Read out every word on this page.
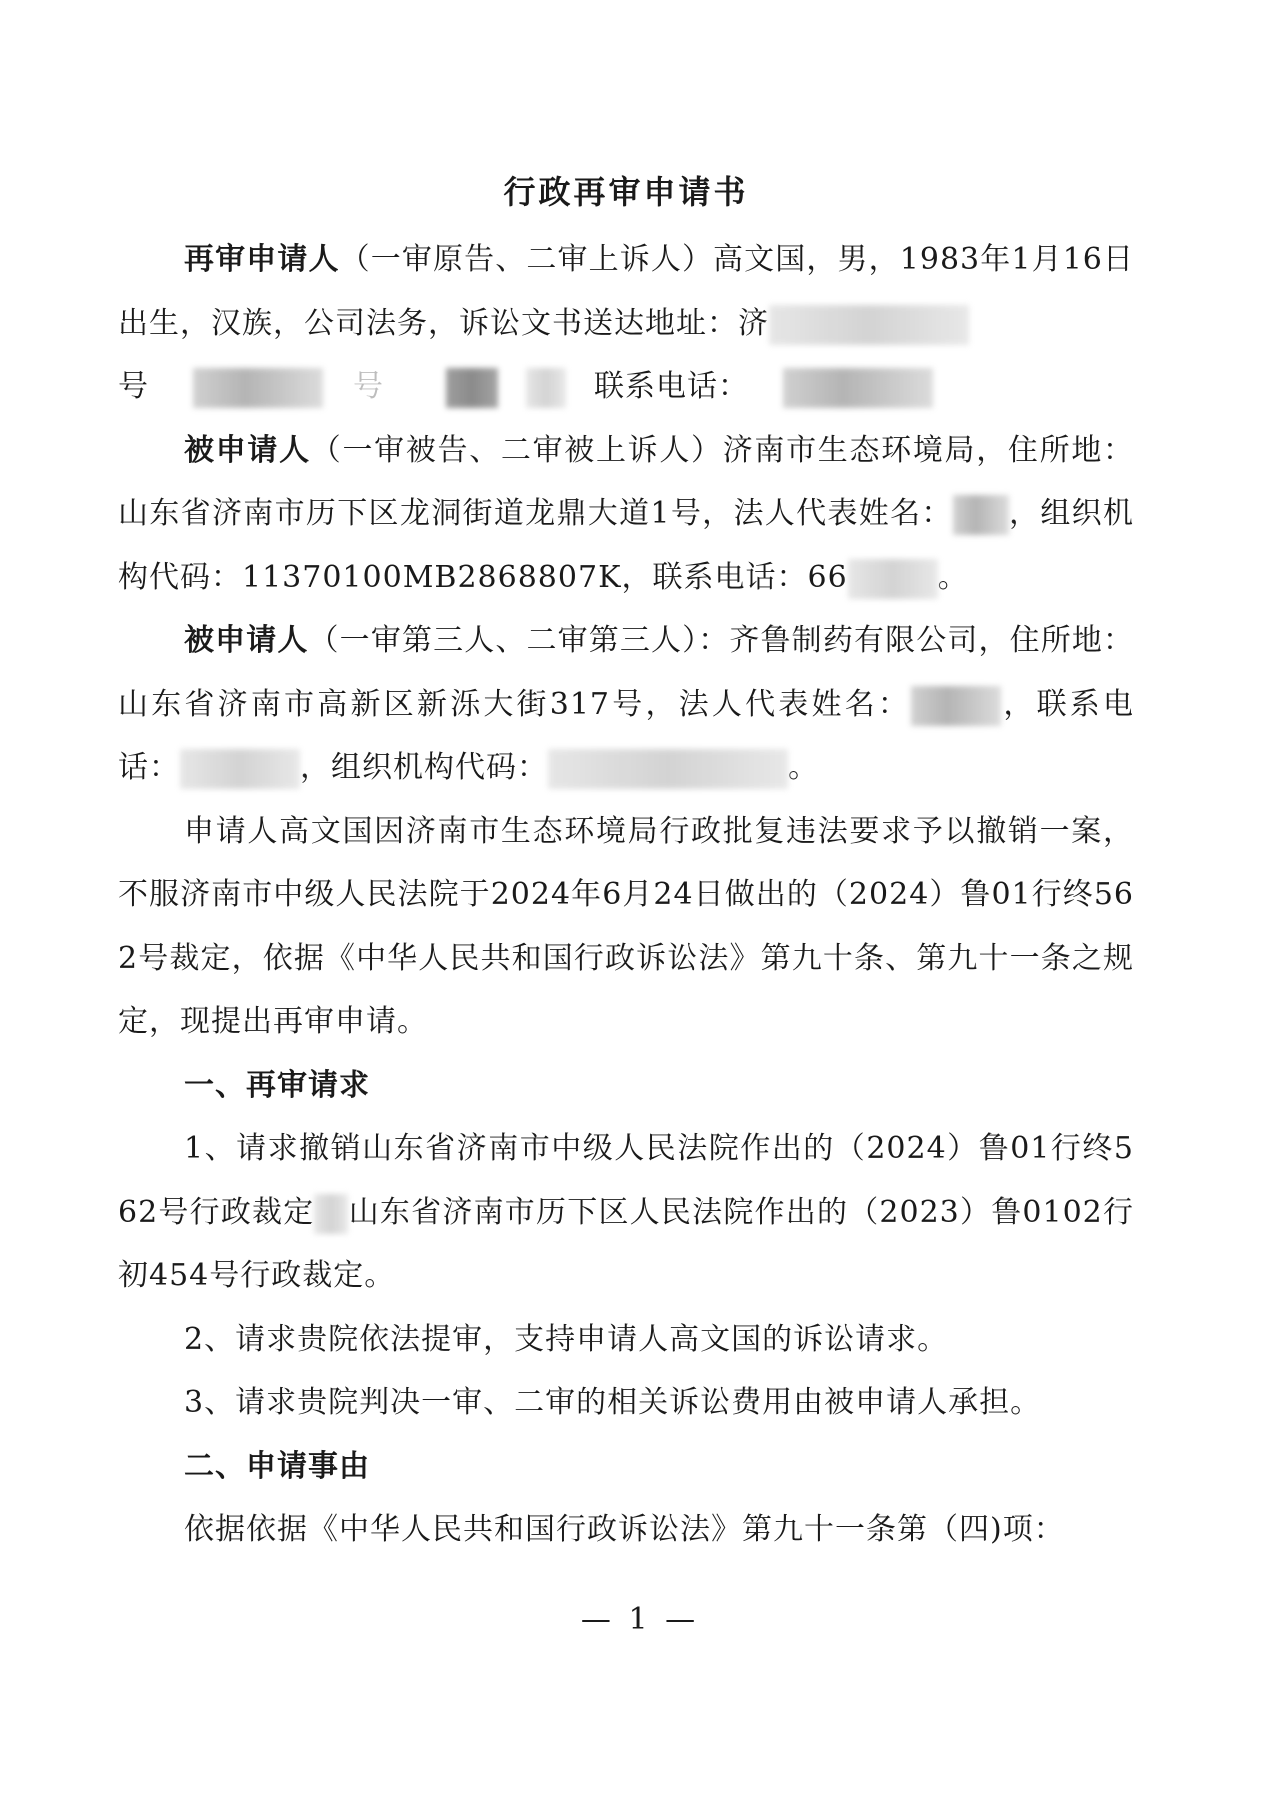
行政再审申请书

再审申请人（一审原告、二审上诉人）高文国，男，1983年1月16日出生，汉族，公司法务，诉讼文书送达地址：济

号	号	联系电话：

被申请人（一审被告、二审被上诉人）济南市生态环境局，住所地：山东省济南市历下区龙洞街道龙鼎大道1号，法人代表姓名： ，组织机构代码：11370100MB2868807K，联系电话：66	。

被申请人（一审第三人、二审第三人）：齐鲁制药有限公司，住所地：山东省济南市高新区新泺大街317号，法人代表姓名：	，联系电话：	，组织机构代码：	。

申请人高文国因济南市生态环境局行政批复违法要求予以撤销一案，不服济南市中级人民法院于2024年6月24日做出的（2024）鲁01行终562号裁定，依据《中华人民共和国行政诉讼法》第九十条、第九十一条之规定，现提出再审申请。

一、再审请求

1、请求撤销山东省济南市中级人民法院作出的（2024）鲁01行终562号行政裁定 山东省济南市历下区人民法院作出的（2023）鲁0102行初454号行政裁定。

2、请求贵院依法提审，支持申请人高文国的诉讼请求。

3、请求贵院判决一审、二审的相关诉讼费用由被申请人承担。

二、申请事由

依据依据《中华人民共和国行政诉讼法》第九十一条第（四)项：

— 1 —
